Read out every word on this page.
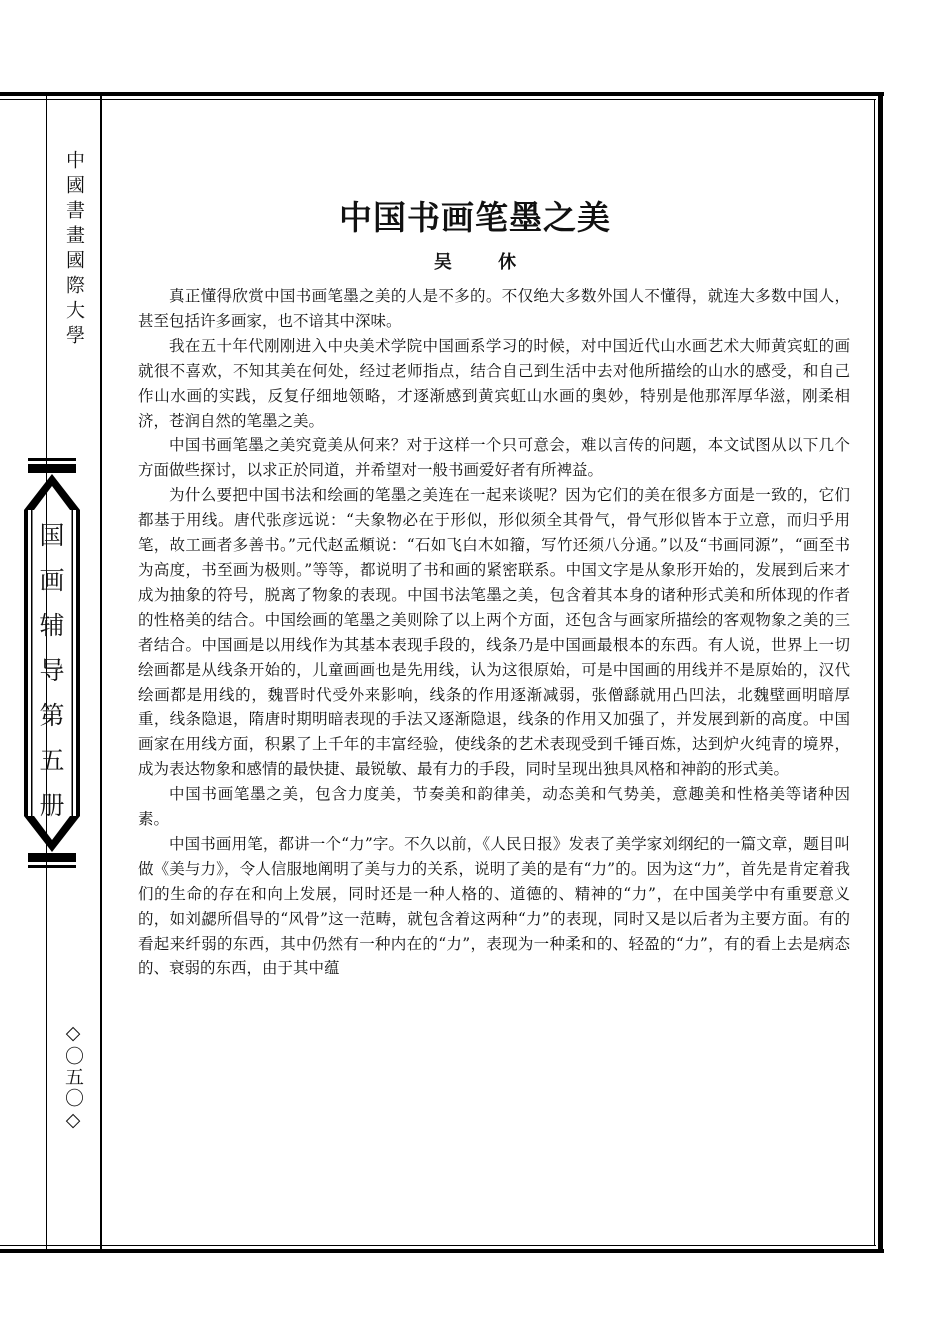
中國書畫國際大學
国画辅导第五册
◇〇五〇◇
中国书画笔墨之美
吴 休

真正懂得欣赏中国书画笔墨之美的人是不多的。不仅绝大多数外国人不懂得，就连大多数中国人，甚至包括许多画家，也不谙其中深味。

我在五十年代刚刚进入中央美术学院中国画系学习的时候，对中国近代山水画艺术大师黄宾虹的画就很不喜欢，不知其美在何处，经过老师指点，结合自己到生活中去对他所描绘的山水的感受，和自己作山水画的实践，反复仔细地领略，才逐渐感到黄宾虹山水画的奥妙，特别是他那浑厚华滋，刚柔相济，苍润自然的笔墨之美。

中国书画笔墨之美究竟美从何来？对于这样一个只可意会，难以言传的问题，本文试图从以下几个方面做些探讨，以求正於同道，并希望对一般书画爱好者有所裨益。

为什么要把中国书法和绘画的笔墨之美连在一起来谈呢？因为它们的美在很多方面是一致的，它们都基于用线。唐代张彦远说：“夫象物必在于形似，形似须全其骨气，骨气形似皆本于立意，而归乎用笔，故工画者多善书。”元代赵孟頫说：“石如飞白木如籀，写竹还须八分通。”以及“书画同源”，“画至书为高度，书至画为极则。”等等，都说明了书和画的紧密联系。中国文字是从象形开始的，发展到后来才成为抽象的符号，脱离了物象的表现。中国书法笔墨之美，包含着其本身的诸种形式美和所体现的作者的性格美的结合。中国绘画的笔墨之美则除了以上两个方面，还包含与画家所描绘的客观物象之美的三者结合。中国画是以用线作为其基本表现手段的，线条乃是中国画最根本的东西。有人说，世界上一切绘画都是从线条开始的，儿童画画也是先用线，认为这很原始，可是中国画的用线并不是原始的，汉代绘画都是用线的，魏晋时代受外来影响，线条的作用逐渐减弱，张僧繇就用凸凹法，北魏壁画明暗厚重，线条隐退，隋唐时期明暗表现的手法又逐渐隐退，线条的作用又加强了，并发展到新的高度。中国画家在用线方面，积累了上千年的丰富经验，使线条的艺术表现受到千锤百炼，达到炉火纯青的境界，成为表达物象和感情的最快捷、最锐敏、最有力的手段，同时呈现出独具风格和神韵的形式美。

中国书画笔墨之美，包含力度美，节奏美和韵律美，动态美和气势美，意趣美和性格美等诸种因素。

中国书画用笔，都讲一个“力”字。不久以前，《人民日报》发表了美学家刘纲纪的一篇文章，题目叫做《美与力》，令人信服地阐明了美与力的关系，说明了美的是有“力”的。因为这“力”，首先是肯定着我们的生命的存在和向上发展，同时还是一种人格的、道德的、精神的“力”，在中国美学中有重要意义的，如刘勰所倡导的“风骨”这一范畴，就包含着这两种“力”的表现，同时又是以后者为主要方面。有的看起来纤弱的东西，其中仍然有一种内在的“力”，表现为一种柔和的、轻盈的“力”，有的看上去是病态的、衰弱的东西，由于其中蕴
